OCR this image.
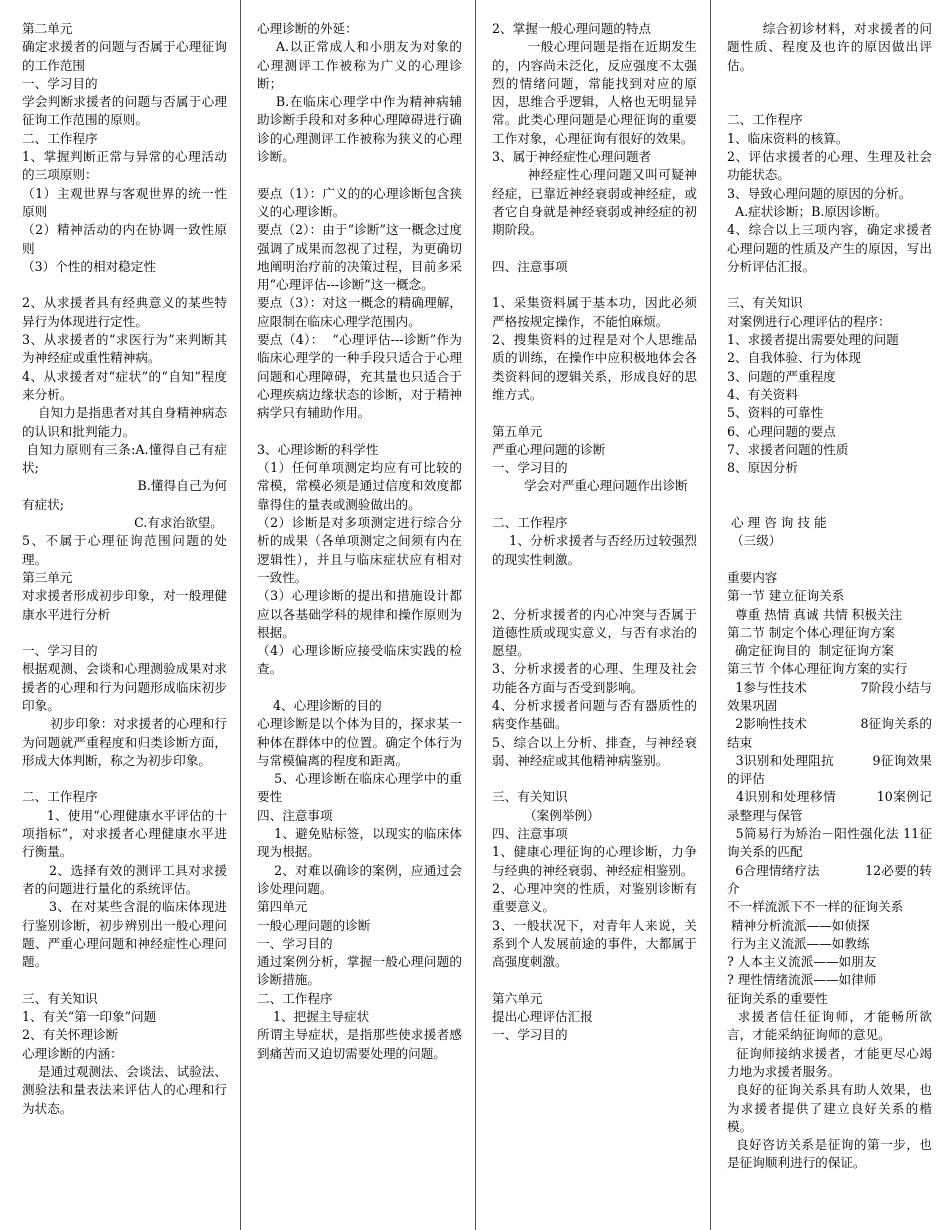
第二单元
确定求援者的问题与否属于心理征询的工作范围
一、学习目的
学会判断求援者的问题与否属于心理征询工作范围的原则。
二、工作程序
1、掌握判断正常与异常的心理活动的三项原则：
（1）主观世界与客观世界的统一性原则
（2）精神活动的内在协调一致性原则
（3）个性的相对稳定性
2、从求援者具有经典意义的某些特异行为体现进行定性。
3、从求援者的“求医行为”来判断其为神经症或重性精神病。
4、从求援者对“症状”的“自知”程度来分析。
自知力是指患者对其自身精神病态的认识和批判能力。
自知力原则有三条:A.懂得自己有症状;
B.懂得自己为何有症状;
C.有求治欲望。
5、不属于心理征询范围问题的处理。
第三单元
对求援者形成初步印象，对一般理健康水平进行分析
一、学习目的
根据观测、会谈和心理测验成果对求援者的心理和行为问题形成临床初步印象。
初步印象：对求援者的心理和行为问题就严重程度和归类诊断方面，形成大体判断，称之为初步印象。
二、工作程序
1、使用“心理健康水平评估的十项指标”，对求援者心理健康水平进行衡量。
2、选择有效的测评工具对求援者的问题进行量化的系统评估。
3、在对某些含混的临床体现进行鉴别诊断，初步辨别出一般心理问题、严重心理问题和神经症性心理问题。
三、有关知识
1、有关“第一印象”问题
2、有关怀理诊断
心理诊断的内涵：
是通过观测法、会谈法、试验法、测验法和量表法来评估人的心理和行为状态。
心理诊断的外延：
A.以正常成人和小朋友为对象的心理测评工作被称为广义的心理诊断；
B.在临床心理学中作为精神病辅助诊断手段和对多种心理障碍进行确诊的心理测评工作被称为狭义的心理诊断。
要点（1）：广义的的心理诊断包含狭义的心理诊断。
要点（2）：由于“诊断”这一概念过度强调了成果而忽视了过程，为更确切地阐明治疗前的决策过程，目前多采用“心理评估---诊断”这一概念。
要点（3）：对这一概念的精确理解，应限制在临床心理学范围内。
要点（4）：  “心理评估---诊断”作为临床心理学的一种手段只适合于心理问题和心理障碍，充其量也只适合于心理疾病边缘状态的诊断，对于精神病学只有辅助作用。
3、心理诊断的科学性
（1）任何单项测定均应有可比较的常模，常模必须是通过信度和效度都靠得住的量表或测验做出的。
（2）诊断是对多项测定进行综合分析的成果（各单项测定之间须有内在逻辑性），并且与临床症状应有相对一致性。
（3）心理诊断的提出和措施设计都应以各基础学科的规律和操作原则为根据。
（4）心理诊断应接受临床实践的检查。
4、心理诊断的目的
心理诊断是以个体为目的，探求某一种体在群体中的位置。确定个体行为与常模偏离的程度和距离。
5、心理诊断在临床心理学中的重要性
四、注意事项
1、避免贴标签，以现实的临床体现为根据。
2、对难以确诊的案例，应通过会诊处理问题。
第四单元
一般心理问题的诊断
一、学习目的
通过案例分析，掌握一般心理问题的诊断措施。
二、工作程序
1、把握主导症状
所谓主导症状，是指那些使求援者感到痛苦而又迫切需要处理的问题。
2、掌握一般心理问题的特点
一般心理问题是指在近期发生的，内容尚未泛化，反应强度不太强烈的情绪问题，常能找到对应的原因，思维合乎逻辑，人格也无明显异常。此类心理问题是心理征询的重要工作对象，心理征询有很好的效果。
3、属于神经症性心理问题者
神经症性心理问题又叫可疑神经症，已靠近神经衰弱或神经症，或者它自身就是神经衰弱或神经症的初期阶段。
四、注意事项
1、采集资料属于基本功，因此必须严格按规定操作，不能怕麻烦。
2、搜集资料的过程是对个人思维品质的训练，在操作中应积极地体会各类资料间的逻辑关系，形成良好的思维方式。
第五单元
严重心理问题的诊断
一、学习目的
学会对严重心理问题作出诊断
二、工作程序
1、分析求援者与否经历过较强烈的现实性刺激。
2、分析求援者的内心冲突与否属于道德性质或现实意义，与否有求治的愿望。
3、分析求援者的心理、生理及社会功能各方面与否受到影响。
4、分析求援者问题与否有器质性的病变作基础。
5、综合以上分析、排查，与神经衰弱、神经症或其他精神病鉴别。
三、有关知识
（案例举例）
四、注意事项
1、健康心理征询的心理诊断，力争与经典的神经衰弱、神经症相鉴别。
2、心理冲突的性质，对鉴别诊断有重要意义。
3、一般状况下，对青年人来说，关系到个人发展前途的事件，大都属于高强度刺激。
第六单元
提出心理评估汇报
一、学习目的
综合初诊材料，对求援者的问题性质、程度及也许的原因做出评估。
二、工作程序
1、临床资料的核算。
2、评估求援者的心理、生理及社会功能状态。
3、导致心理问题的原因的分析。
A.症状诊断；B.原因诊断。
4、综合以上三项内容，确定求援者心理问题的性质及产生的原因，写出分析评估汇报。
三、有关知识
对案例进行心理评估的程序：
1、求援者提出需要处理的问题
2、自我体验、行为体现
3、问题的严重程度
4、有关资料
5、资料的可靠性
6、心理问题的要点
7、求援者问题的性质
8、原因分析
心 理 咨 询 技 能
（三级）
重要内容
第一节 建立征询关系
尊重 热情 真诚 共情 积极关注
第二节 制定个体心理征询方案
确定征询目的  制定征询方案
第三节 个体心理征询方案的实行
1参与性技术             7阶段小结与效果巩固
2影响性技术             8征询关系的结束
3识别和处理阻抗         9征询效果的评估
4识别和处理移情         10案例记录整理与保管
5简易行为矫治－阳性强化法 11征询关系的匹配
6合理情绪疗法           12必要的转介
不一样流派下不一样的征询关系
精神分析流派——如侦探
行为主义流派——如教练
? 人本主义流派——如朋友
? 理性情绪流派——如律师
征询关系的重要性
求援者信任征询师，才能畅所欲言，才能采纳征询师的意见。
征询师接纳求援者，才能更尽心竭力地为求援者服务。
良好的征询关系具有助人效果，也为求援者提供了建立良好关系的楷模。
良好咨访关系是征询的第一步，也是征询顺利进行的保证。
